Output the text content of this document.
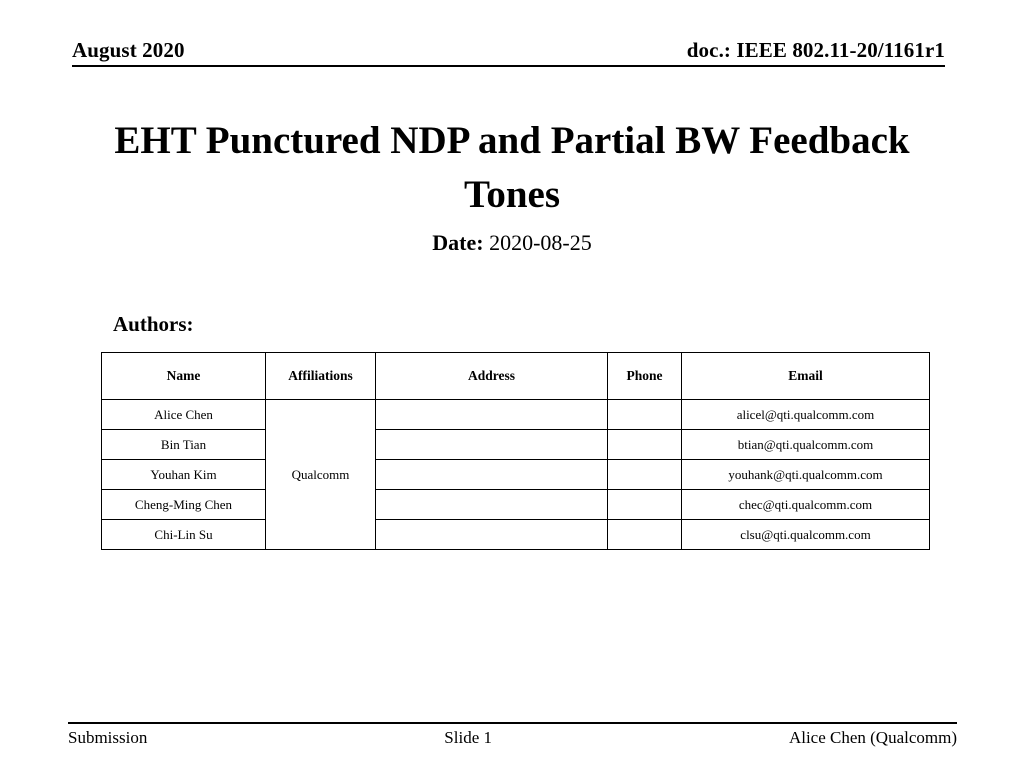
August 2020	doc.: IEEE 802.11-20/1161r1
EHT Punctured NDP and Partial BW Feedback Tones
Date: 2020-08-25
Authors:
Name	Affiliations	Address	Phone	Email
Alice Chen	Qualcomm			alicel@qti.qualcomm.com
Bin Tian				btian@qti.qualcomm.com
Youhan Kim				youhank@qti.qualcomm.com
Cheng-Ming Chen				chec@qti.qualcomm.com
Chi-Lin Su				clsu@qti.qualcomm.com
Submission	Slide 1	Alice Chen (Qualcomm)
